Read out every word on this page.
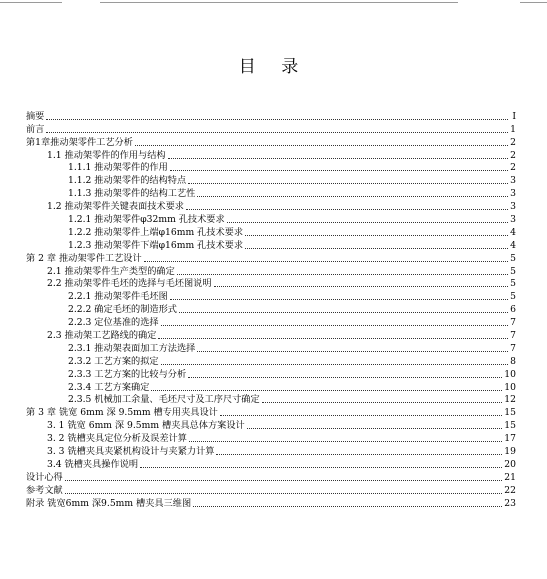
目 录
摘要	I
前言	1
第1章推动架零件工艺分析	2
1.1 推动架零件的作用与结构	2
1.1.1 推动架零件的作用	2
1.1.2 推动架零件的结构特点	3
1.1.3 推动架零件的结构工艺性	3
1.2 推动架零件关键表面技术要求	3
1.2.1 推动架零件φ32mm 孔技术要求	3
1.2.2 推动架零件上端φ16mm 孔技术要求	4
1.2.3 推动架零件下端φ16mm 孔技术要求	4
第 2 章 推动架零件工艺设计	5
2.1 推动架零件生产类型的确定	5
2.2 推动架零件毛坯的选择与毛坯图说明	5
2.2.1 推动架零件毛坯图	5
2.2.2 确定毛坯的制造形式	6
2.2.3 定位基准的选择	7
2.3 推动架工艺路线的确定	7
2.3.1 推动架表面加工方法选择	7
2.3.2 工艺方案的拟定	8
2.3.3 工艺方案的比较与分析	10
2.3.4 工艺方案确定	10
2.3.5 机械加工余量、毛坯尺寸及工序尺寸确定	12
第 3 章 铣宽 6mm 深 9.5mm 槽专用夹具设计	15
3. 1 铣宽 6mm 深 9.5mm 槽夹具总体方案设计	15
3. 2 铣槽夹具定位分析及误差计算	17
3. 3 铣槽夹具夹紧机构设计与夹紧力计算	19
3.4 铣槽夹具操作说明	20
设计心得	21
参考文献	22
附录 铣宽6mm 深9.5mm 槽夹具三维图	23
